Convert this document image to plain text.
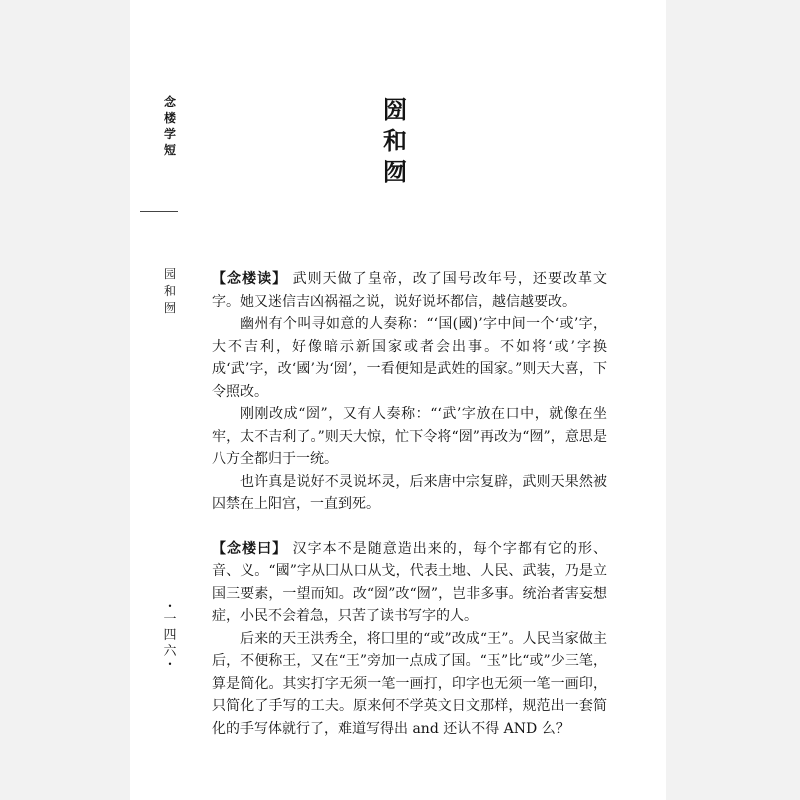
念
楼
学
短
园
和
囫
•
一
四
六
•
圀
和
囫

【念楼读】 武则天做了皇帝，改了国号改年号，还要改革文字。她又迷信吉凶祸福之说，说好说坏都信，越信越要改。

幽州有个叫寻如意的人奏称：“‘国(國)’字中间一个‘或’字，大不吉利，好像暗示新国家或者会出事。不如将‘或’字换成‘武’字，改‘國’为‘圀’，一看便知是武姓的国家。”则天大喜，下令照改。

刚刚改成“圀”，又有人奏称：“‘武’字放在口中，就像在坐牢，太不吉利了。”则天大惊，忙下令将“圀”再改为“囫”，意思是八方全都归于一统。

也许真是说好不灵说坏灵，后来唐中宗复辟，武则天果然被囚禁在上阳宫，一直到死。

【念楼曰】 汉字本不是随意造出来的，每个字都有它的形、音、义。“國”字从囗从口从戈，代表土地、人民、武装，乃是立国三要素，一望而知。改“圀”改“囫”，岂非多事。统治者害妄想症，小民不会着急，只苦了读书写字的人。

后来的天王洪秀全，将囗里的“或”改成“王”。人民当家做主后，不便称王，又在“王”旁加一点成了国。“玉”比“或”少三笔，算是简化。其实打字无须一笔一画打，印字也无须一笔一画印，只简化了手写的工夫。原来何不学英文日文那样，规范出一套简化的手写体就行了，难道写得出 and 还认不得 AND 么？
